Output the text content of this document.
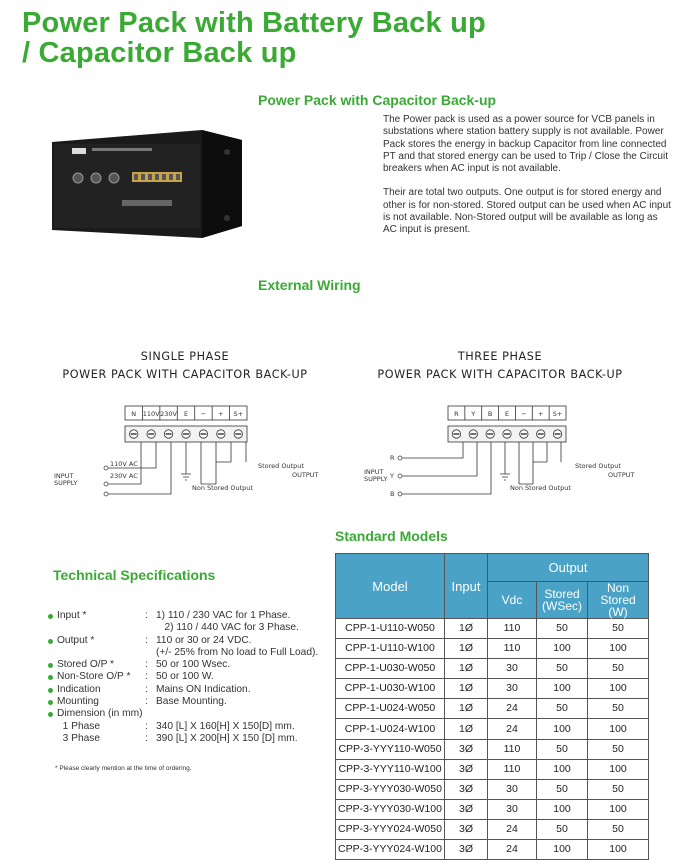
Power Pack with Battery Back up
/ Capacitor Back up
Power Pack with Capacitor Back-up

The Power pack is used as a power source for VCB panels in substations where station battery supply is not available. Power Pack stores the energy in backup Capacitor from line connected PT and that stored energy can be used to Trip / Close the Circuit breakers when AC input is not available.

Their are total two outputs. One output is for stored energy and other is for non-stored. Stored output can be used when AC input is not available. Non-Stored output will be available as long as AC input is present.

External Wiring
SINGLE PHASE
POWER PACK WITH CAPACITOR BACK-UP
N 110V 230V E − + S+
INPUT
SUPPLY
110V AC
230V AC
Stored Output
Non Stored Output
OUTPUT
THREE PHASE
POWER PACK WITH CAPACITOR BACK-UP
R Y B E − + S+
R
Y
B
INPUT
SUPPLY
Stored Output
Non Stored Output
OUTPUT
Technical Specifications
Input *	: 1) 110 / 230 VAC for 1 Phase.
2) 110 / 440 VAC for 3 Phase.
Output *	: 110 or 30 or 24 VDC.
(+/- 25% from No load to Full Load).
Stored O/P *	: 50 or 100 Wsec.
Non-Store O/P * : 50 or 100 W.
Indication	: Mains ON Indication.
Mounting	: Base Mounting.
Dimension (in mm)
1 Phase	: 340 [L] X 160[H] X 150[D] mm.
3 Phase	: 390 [L] X 200[H] X 150 [D] mm.
* Please clearly mention at the time of ordering.
Standard Models
Model	Input	Output		
		Vdc	Stored
(WSec)	Non Stored
(W)
CPP-1-U110-W050	1Ø	110	50	50
CPP-1-U110-W100	1Ø	110	100	100
CPP-1-U030-W050	1Ø	30	50	50
CPP-1-U030-W100	1Ø	30	100	100
CPP-1-U024-W050	1Ø	24	50	50
CPP-1-U024-W100	1Ø	24	100	100
CPP-3-YYY110-W050	3Ø	110	50	50
CPP-3-YYY110-W100	3Ø	110	100	100
CPP-3-YYY030-W050	3Ø	30	50	50
CPP-3-YYY030-W100	3Ø	30	100	100
CPP-3-YYY024-W050	3Ø	24	50	50
CPP-3-YYY024-W100	3Ø	24	100	100
